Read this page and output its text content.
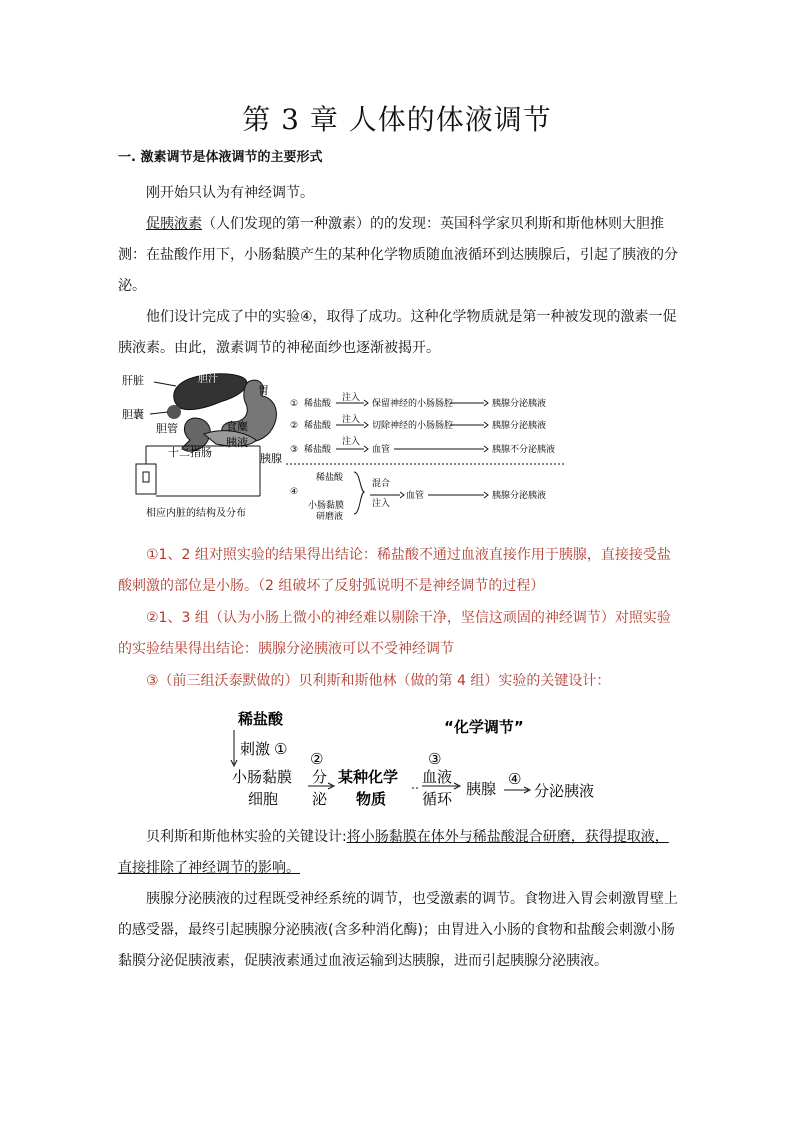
第 3 章 人体的体液调节
一. 激素调节是体液调节的主要形式

刚开始只认为有神经调节。

促胰液素（人们发现的第一种激素）的的发现：英国科学家贝利斯和斯他林则大胆推测：在盐酸作用下，小肠黏膜产生的某种化学物质随血液循环到达胰腺后，引起了胰液的分泌。

他们设计完成了中的实验④，取得了成功。这种化学物质就是第一种被发现的激素一促胰液素。由此，激素调节的神秘面纱也逐渐被揭开。

肝脏	胆汁
胃
胆囊
胆管	食麋
胰液
十二指肠	胰腺
相应内脏的结构及分布
① 稀盐酸
注入
保留神经的小肠肠腔	胰腺分泌胰液
② 稀盐酸
注入
切除神经的小肠肠腔	胰腺分泌胰液
③ 稀盐酸
注入
血管	胰腺不分泌胰液
④
稀盐酸
小肠黏膜
研磨液
混合
注入
血管	胰腺分泌胰液

①1、2 组对照实验的结果得出结论：稀盐酸不通过血液直接作用于胰腺，直接接受盐酸刺激的部位是小肠。（2 组破坏了反射弧说明不是神经调节的过程）

②1、3 组（认为小肠上微小的神经难以剔除干净，坚信这顽固的神经调节）对照实验的实验结果得出结论：胰腺分泌胰液可以不受神经调节

③（前三组沃泰默做的）贝利斯和斯他林（做的第 4 组）实验的关键设计：

稀盐酸	“化学调节”
刺激 ①
小肠黏膜
细胞
②
分
泌
某种化学
物质
③
血液
循环
胰腺
④
分泌胰液

贝利斯和斯他林实验的关键设计:将小肠黏膜在体外与稀盐酸混合研磨，获得提取液，直接排除了神经调节的影响。

胰腺分泌胰液的过程既受神经系统的调节，也受激素的调节。食物进入胃会刺激胃壁上的感受器，最终引起胰腺分泌胰液(含多种消化酶)；由胃进入小肠的食物和盐酸会刺激小肠黏膜分泌促胰液素，促胰液素通过血液运输到达胰腺，进而引起胰腺分泌胰液。
